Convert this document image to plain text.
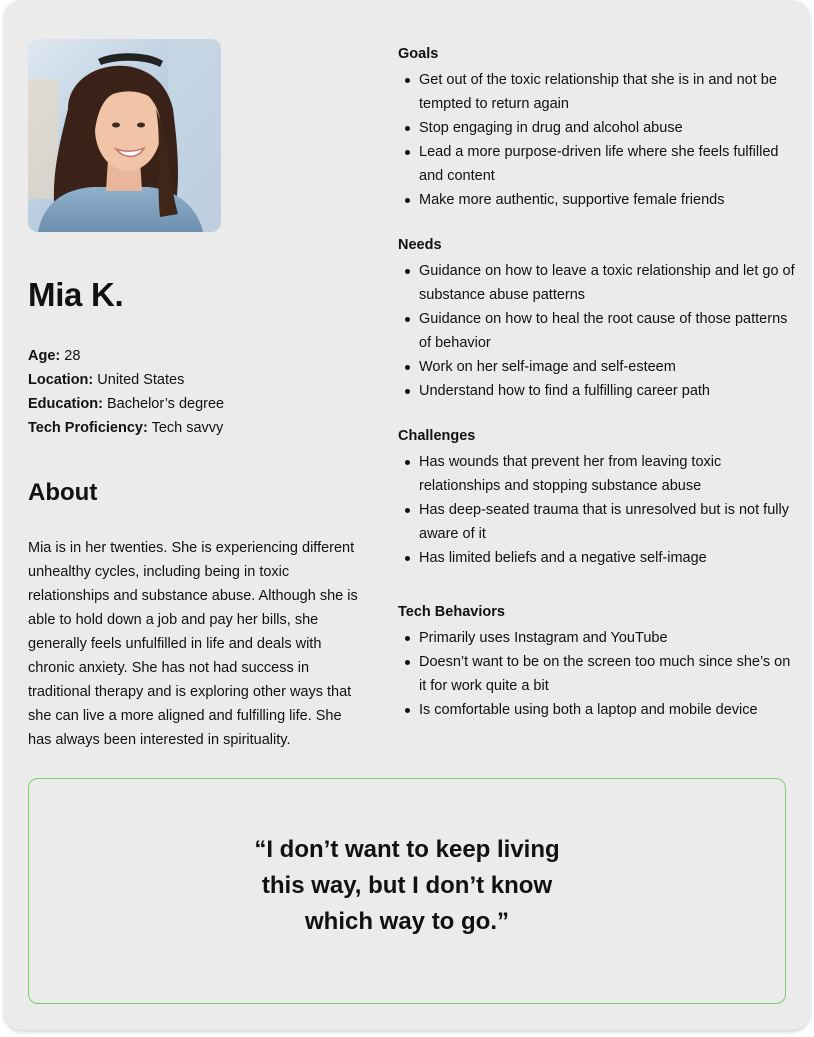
Mia K.
Age: 28
Location: United States
Education: Bachelor’s degree
Tech Proficiency: Tech savvy
About

Mia is in her twenties. She is experiencing different unhealthy cycles, including being in toxic relationships and substance abuse. Although she is able to hold down a job and pay her bills, she generally feels unfulfilled in life and deals with chronic anxiety. She has not had success in traditional therapy and is exploring other ways that she can live a more aligned and fulfilling life. She has always been interested in spirituality.

Goals
Get out of the toxic relationship that she is in and not be tempted to return again
Stop engaging in drug and alcohol abuse
Lead a more purpose-driven life where she feels fulfilled and content
Make more authentic, supportive female friends
Needs
Guidance on how to leave a toxic relationship and let go of substance abuse patterns
Guidance on how to heal the root cause of those patterns of behavior
Work on her self-image and self-esteem
Understand how to find a fulfilling career path
Challenges
Has wounds that prevent her from leaving toxic relationships and stopping substance abuse
Has deep-seated trauma that is unresolved but is not fully aware of it
Has limited beliefs and a negative self-image
Tech Behaviors
Primarily uses Instagram and YouTube
Doesn’t want to be on the screen too much since she’s on it for work quite a bit
Is comfortable using both a laptop and mobile device
“I don’t want to keep living this way, but I don’t know which way to go.”
